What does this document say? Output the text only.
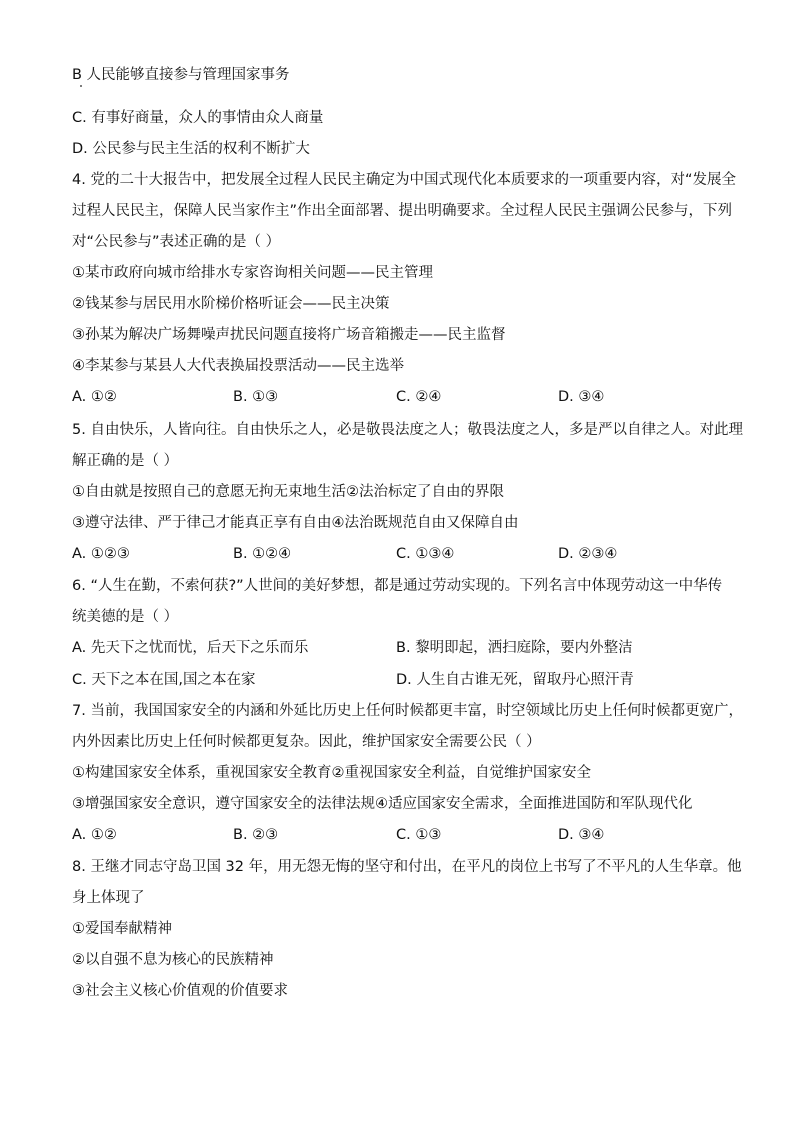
B 人民能够直接参与管理国家事务
C. 有事好商量，众人的事情由众人商量
D. 公民参与民主生活的权利不断扩大
4. 党的二十大报告中，把发展全过程人民民主确定为中国式现代化本质要求的一项重要内容，对“发展全
过程人民民主，保障人民当家作主”作出全面部署、提出明确要求。全过程人民民主强调公民参与，下列
对“公民参与”表述正确的是（ ）
①某市政府向城市给排水专家咨询相关问题——民主管理
②钱某参与居民用水阶梯价格听证会——民主决策
③孙某为解决广场舞噪声扰民问题直接将广场音箱搬走——民主监督
④李某参与某县人大代表换届投票活动——民主选举
A. ①②	B. ①③	C. ②④	D. ③④
5. 自由快乐，人皆向往。自由快乐之人，必是敬畏法度之人；敬畏法度之人，多是严以自律之人。对此理
解正确的是（ ）
①自由就是按照自己的意愿无拘无束地生活②法治标定了自由的界限
③遵守法律、严于律己才能真正享有自由④法治既规范自由又保障自由
A. ①②③	B. ①②④	C. ①③④	D. ②③④
6. “人生在勤，不索何获?”人世间的美好梦想，都是通过劳动实现的。下列名言中体现劳动这一中华传
统美德的是（ ）
A. 先天下之忧而忧，后天下之乐而乐	B. 黎明即起，洒扫庭除，要内外整洁
C. 天下之本在国,国之本在家	D. 人生自古谁无死，留取丹心照汗青
7. 当前，我国国家安全的内涵和外延比历史上任何时候都更丰富，时空领域比历史上任何时候都更宽广，
内外因素比历史上任何时候都更复杂。因此，维护国家安全需要公民（ ）
①构建国家安全体系，重视国家安全教育②重视国家安全利益，自觉维护国家安全
③增强国家安全意识，遵守国家安全的法律法规④适应国家安全需求，全面推进国防和军队现代化
A. ①②	B. ②③	C. ①③	D. ③④
8. 王继才同志守岛卫国 32 年，用无怨无悔的坚守和付出，在平凡的岗位上书写了不平凡的人生华章。他
身上体现了
①爱国奉献精神
②以自强不息为核心的民族精神
③社会主义核心价值观的价值要求
